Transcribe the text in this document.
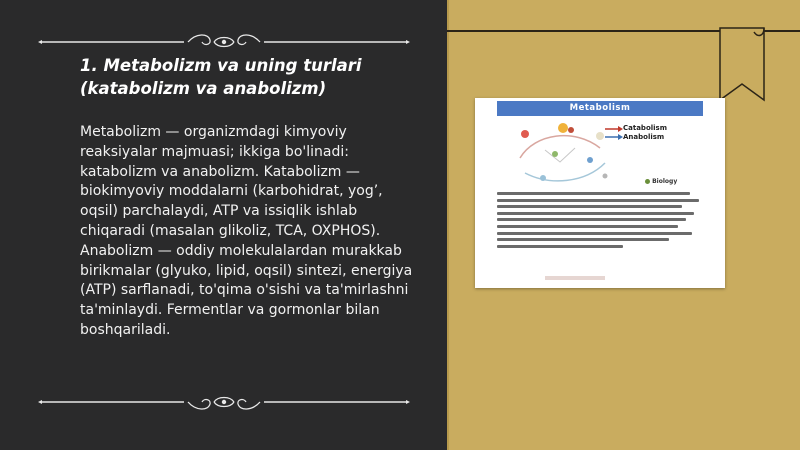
1. Metabolizm va uning turlari
(katabolizm va anabolizm)

Metabolizm — organizmdagi kimyoviy reaksiyalar majmuasi; ikkiga bo'linadi: katabolizm va anabolizm. Katabolizm — biokimyoviy moddalarni (karbohidrat, yog’, oqsil) parchalaydi, ATP va issiqlik ishlab chiqaradi (masalan glikoliz, TCA, OXPHOS). Anabolizm — oddiy molekulalardan murakkab birikmalar (glyuko, lipid, oqsil) sintezi, energiya (ATP) sarflanadi, to'qima o'sishi va ta'mirlashni ta'minlaydi. Fermentlar va gormonlar bilan boshqariladi.

Metabolism
Catabolism
Anabolism
Biology
